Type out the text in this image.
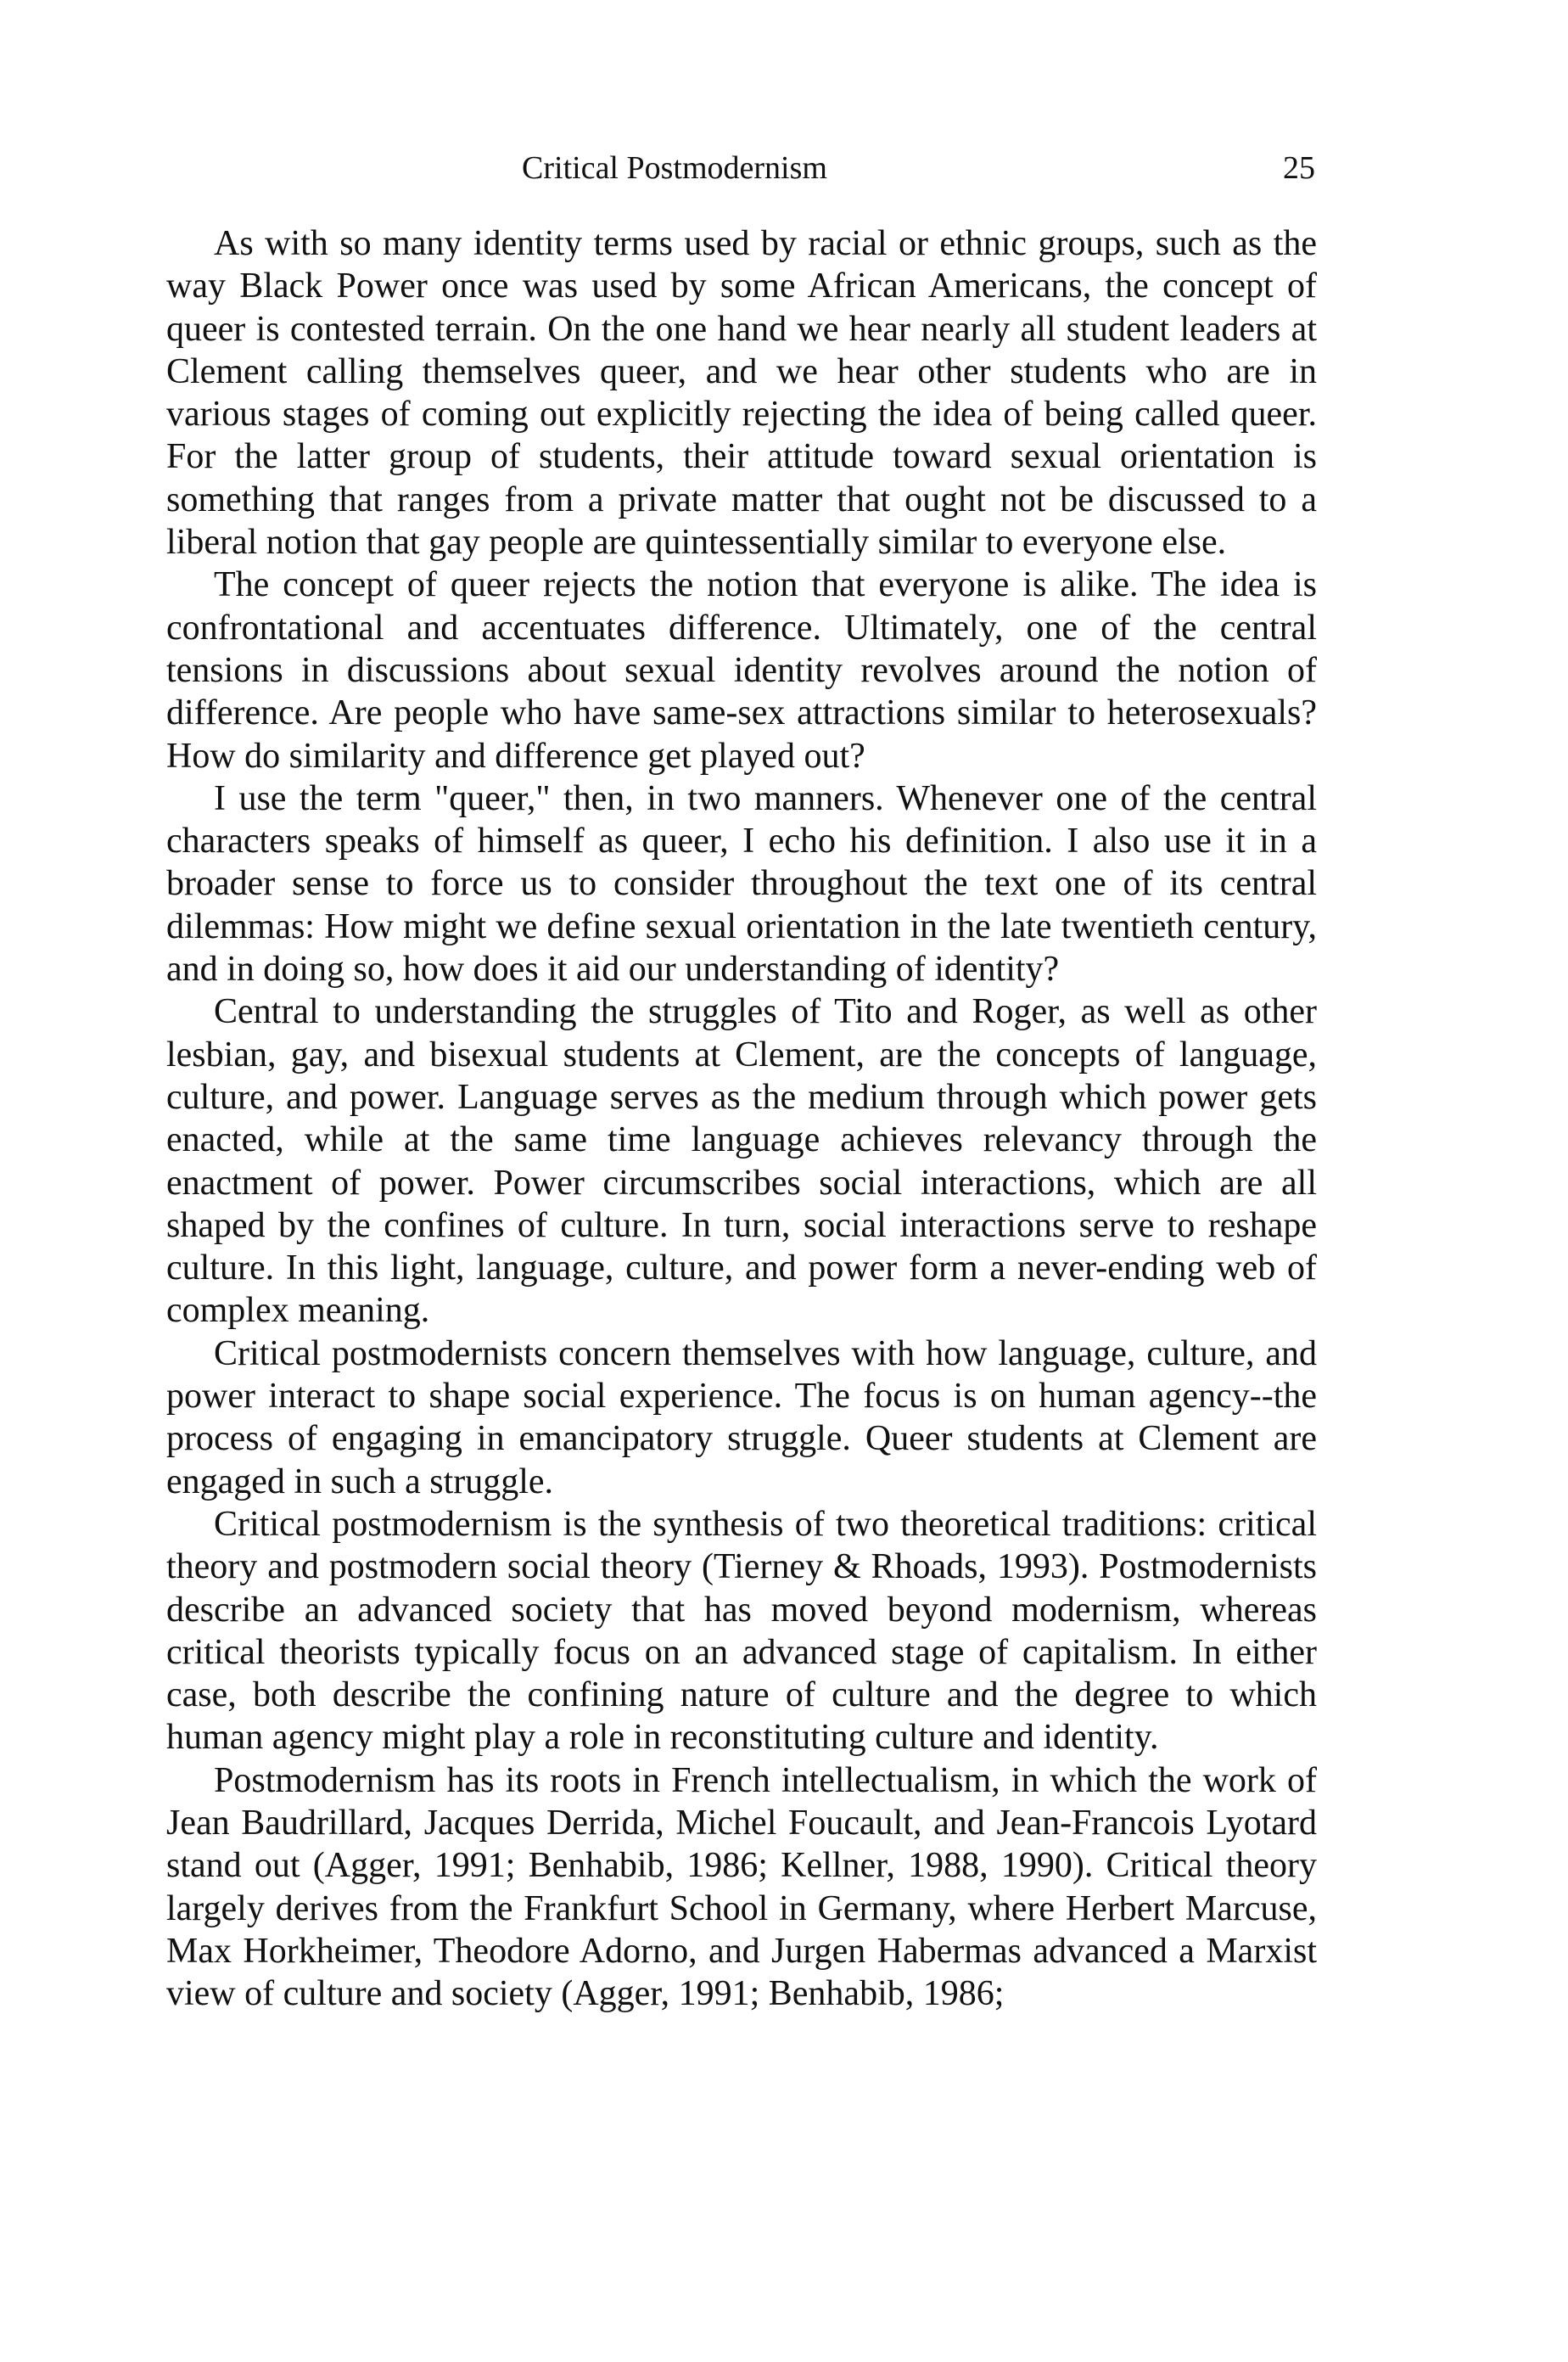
Critical Postmodernism	25

As with so many identity terms used by racial or ethnic groups, such as the way Black Power once was used by some African Americans, the concept of queer is contested terrain. On the one hand we hear nearly all student leaders at Clement calling themselves queer, and we hear other students who are in various stages of coming out explicitly rejecting the idea of being called queer. For the latter group of students, their attitude toward sexual orientation is something that ranges from a private matter that ought not be discussed to a liberal notion that gay people are quintessentially similar to everyone else.

The concept of queer rejects the notion that everyone is alike. The idea is confrontational and accentuates difference. Ultimately, one of the central tensions in discussions about sexual identity revolves around the notion of difference. Are people who have same-sex attractions similar to heterosexuals? How do similarity and difference get played out?

I use the term "queer," then, in two manners. Whenever one of the central characters speaks of himself as queer, I echo his definition. I also use it in a broader sense to force us to consider throughout the text one of its central dilemmas: How might we define sexual orientation in the late twentieth century, and in doing so, how does it aid our understanding of identity?

Central to understanding the struggles of Tito and Roger, as well as other lesbian, gay, and bisexual students at Clement, are the concepts of language, culture, and power. Language serves as the medium through which power gets enacted, while at the same time language achieves relevancy through the enactment of power. Power circumscribes social interactions, which are all shaped by the confines of culture. In turn, social interactions serve to reshape culture. In this light, language, culture, and power form a never-ending web of complex meaning.

Critical postmodernists concern themselves with how language, culture, and power interact to shape social experience. The focus is on human agency--the process of engaging in emancipatory struggle. Queer students at Clement are engaged in such a struggle.

Critical postmodernism is the synthesis of two theoretical traditions: critical theory and postmodern social theory (Tierney & Rhoads, 1993). Postmodernists describe an advanced society that has moved beyond modernism, whereas critical theorists typically focus on an advanced stage of capitalism. In either case, both describe the confining nature of culture and the degree to which human agency might play a role in reconstituting culture and identity.

Postmodernism has its roots in French intellectualism, in which the work of Jean Baudrillard, Jacques Derrida, Michel Foucault, and Jean-Francois Lyotard stand out (Agger, 1991; Benhabib, 1986; Kellner, 1988, 1990). Critical theory largely derives from the Frankfurt School in Germany, where Herbert Marcuse, Max Horkheimer, Theodore Adorno, and Jurgen Habermas advanced a Marxist view of culture and society (Agger, 1991; Benhabib, 1986;
